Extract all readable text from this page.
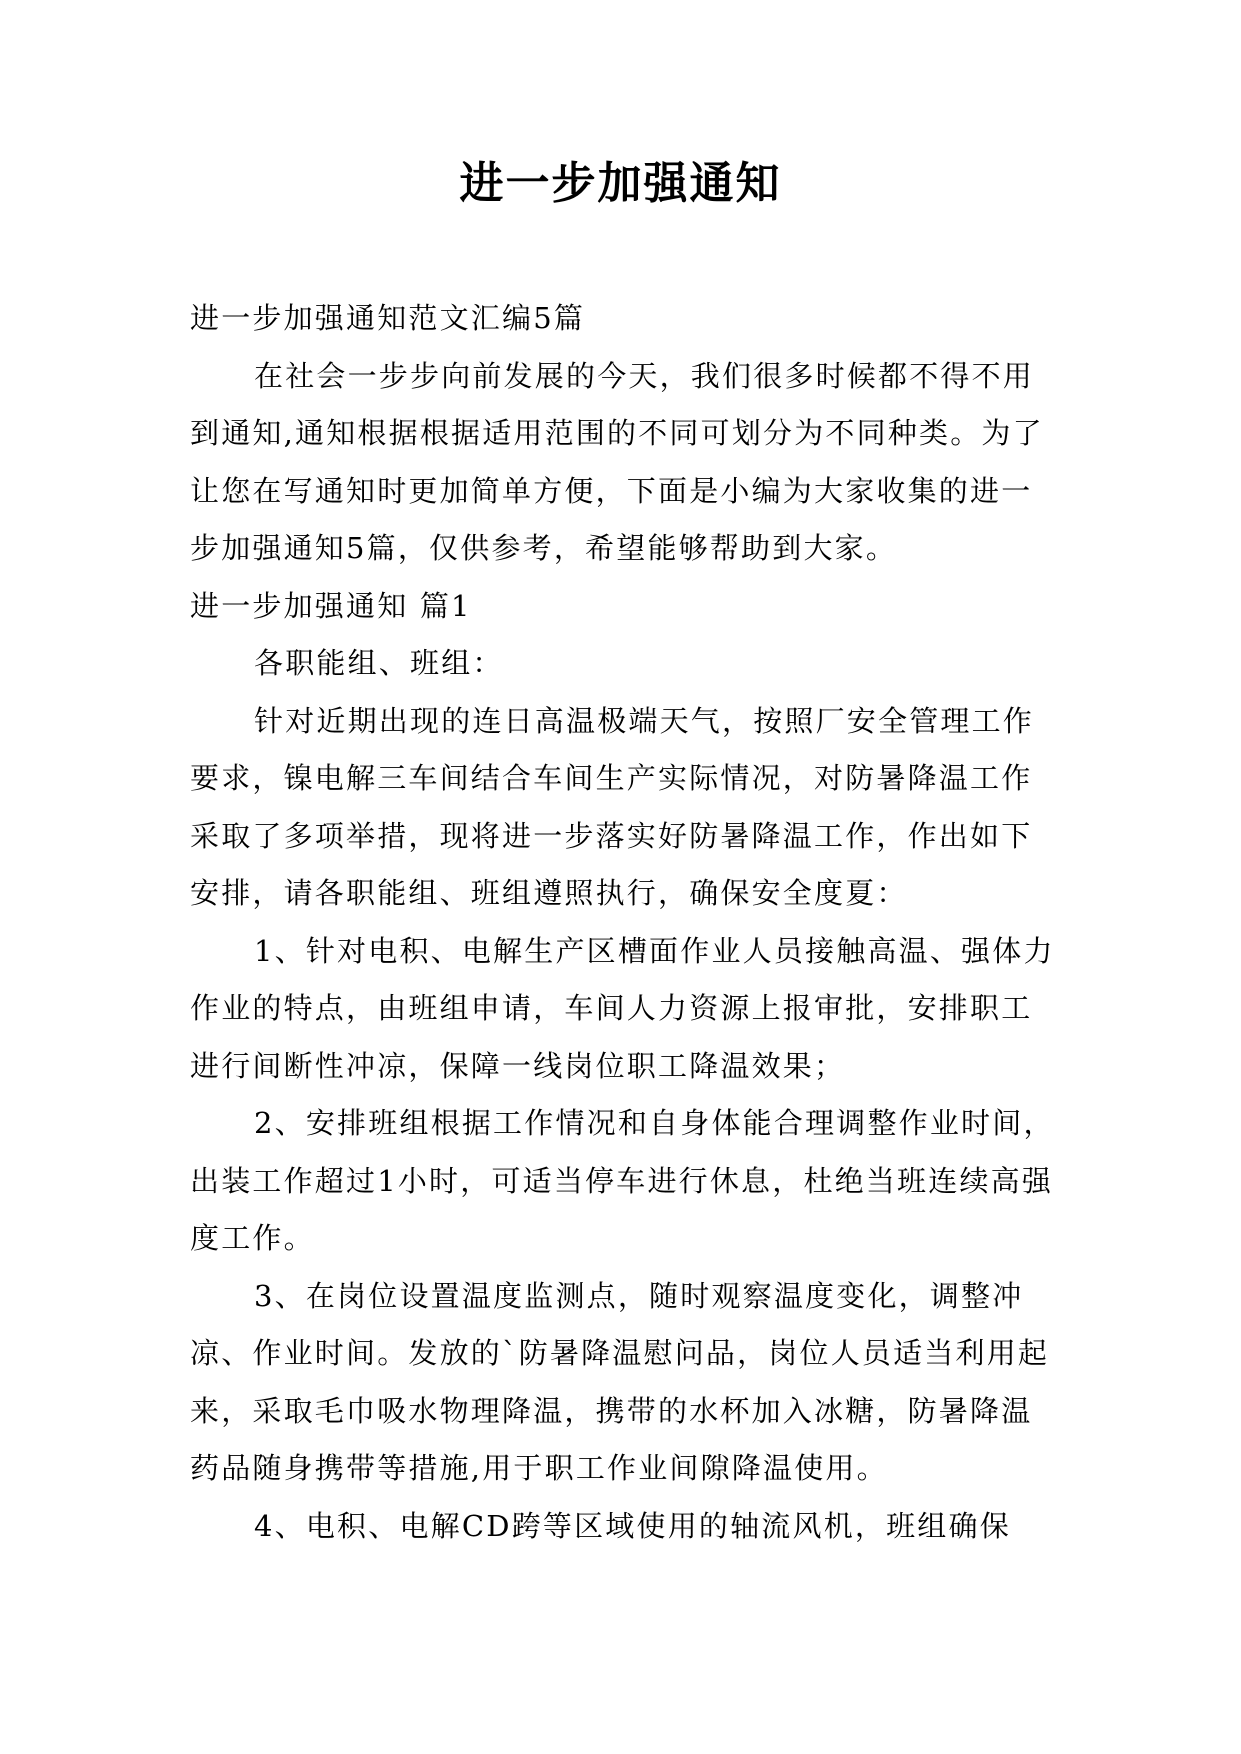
进一步加强通知

进一步加强通知范文汇编5篇

在社会一步步向前发展的今天，我们很多时候都不得不用到通知,通知根据根据适用范围的不同可划分为不同种类。为了让您在写通知时更加简单方便，下面是小编为大家收集的进一步加强通知5篇，仅供参考，希望能够帮助到大家。

进一步加强通知 篇1

各职能组、班组：

针对近期出现的连日高温极端天气，按照厂安全管理工作要求，镍电解三车间结合车间生产实际情况，对防暑降温工作采取了多项举措，现将进一步落实好防暑降温工作，作出如下安排，请各职能组、班组遵照执行，确保安全度夏：

1、针对电积、电解生产区槽面作业人员接触高温、强体力作业的特点，由班组申请，车间人力资源上报审批，安排职工进行间断性冲凉，保障一线岗位职工降温效果；

2、安排班组根据工作情况和自身体能合理调整作业时间，出装工作超过1小时，可适当停车进行休息，杜绝当班连续高强度工作。

3、在岗位设置温度监测点，随时观察温度变化，调整冲凉、作业时间。发放的`防暑降温慰问品，岗位人员适当利用起来，采取毛巾吸水物理降温，携带的水杯加入冰糖，防暑降温药品随身携带等措施,用于职工作业间隙降温使用。

4、电积、电解CD跨等区域使用的轴流风机，班组确保
